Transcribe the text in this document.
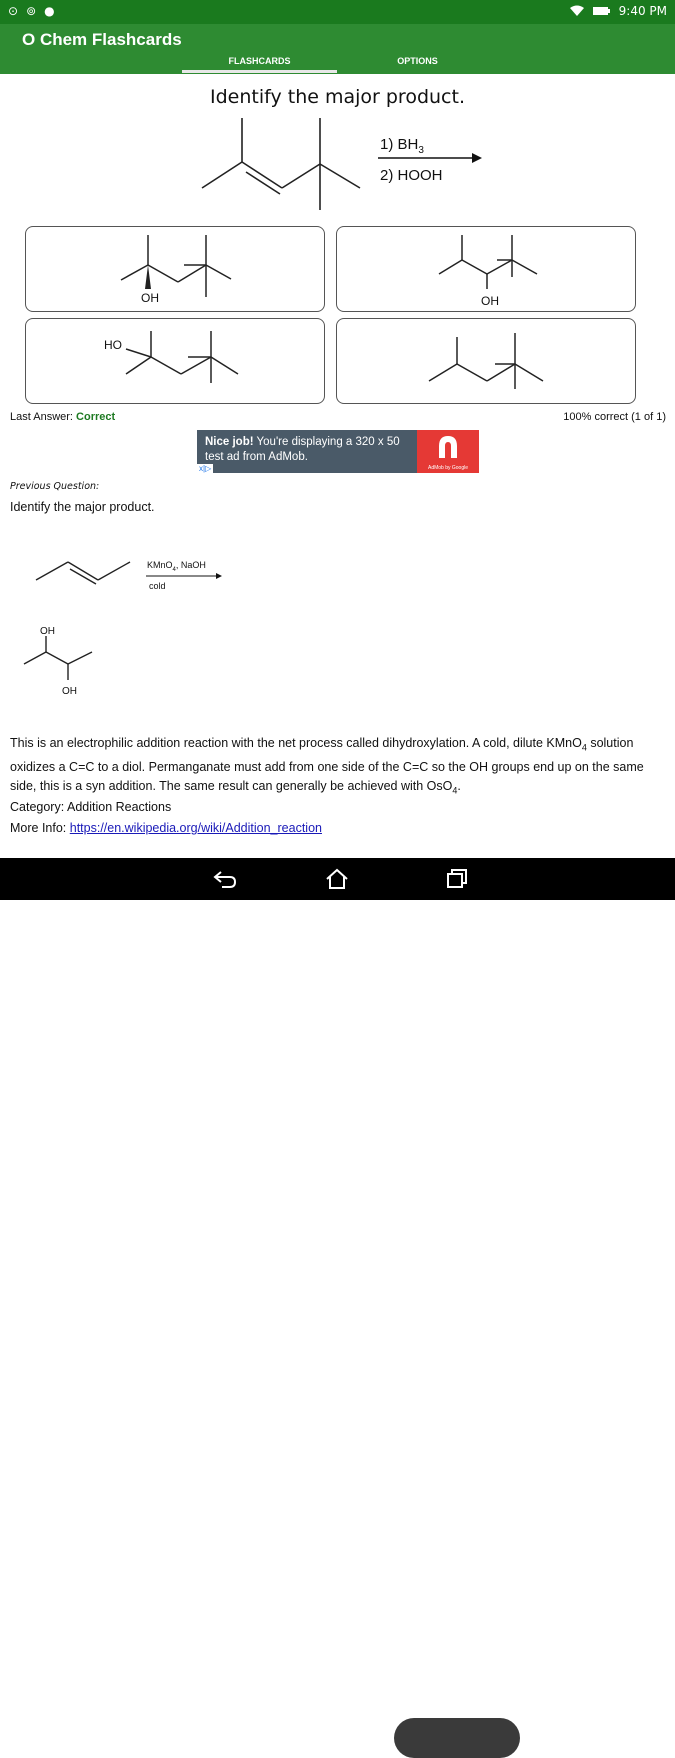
⊙ ⊚ ●	9:40 PM
O Chem Flashcards
FLASHCARDS	OPTIONS
Identify the major product.
1) $BH_3$
2) HOOH
OH	OH
HO
Last Answer: Correct	100% correct (1 of 1)
Nice job! You're displaying a 320 x 50 test ad from AdMob.
AdMob by Google
x|▷
Previous Question:
Identify the major product.
KMnO$_4$, NaOH
cold
OH
OH
This is an electrophilic addition reaction with the net process called dihydroxylation. A cold, dilute KMnO$_4$ solution oxidizes a C=C to a diol. Permanganate must add from one side of the C=C so the OH groups end up on the same side, this is a syn addition. The same result can generally be achieved with OsO$_4$.
Category: Addition Reactions
More Info: https://en.wikipedia.org/wiki/Addition_reaction
